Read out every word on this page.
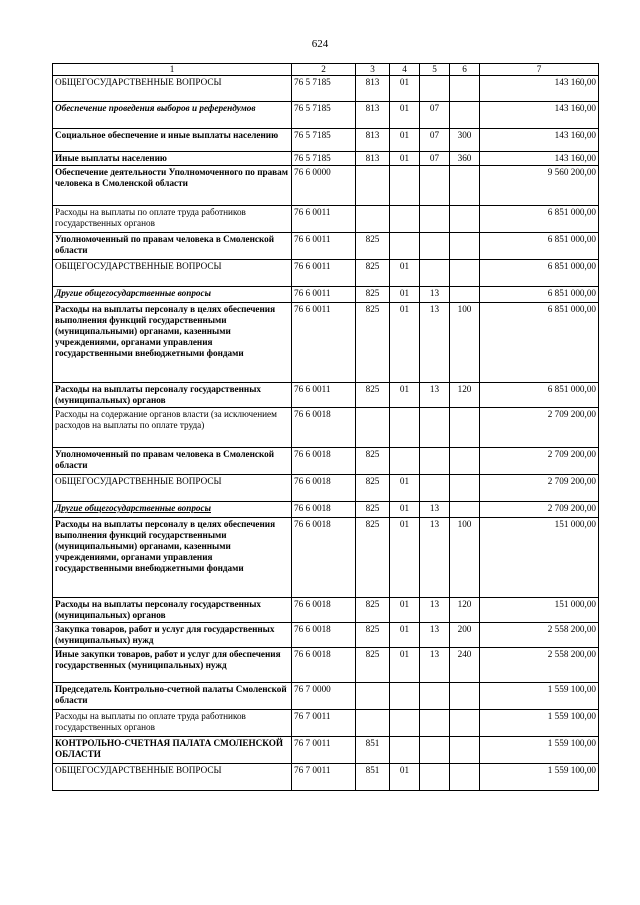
624
1	2	3	4	5	6	7
ОБЩЕГОСУДАРСТВЕННЫЕ ВОПРОСЫ	76 5 7185	813	01			143 160,00
Обеспечение проведения выборов и референдумов	76 5 7185	813	01	07		143 160,00
Социальное обеспечение и иные выплаты населению	76 5 7185	813	01	07	300	143 160,00
Иные выплаты населению	76 5 7185	813	01	07	360	143 160,00
Обеспечение деятельности Уполномоченного по правам человека в Смоленской области	76 6 0000					9 560 200,00
Расходы на выплаты по оплате труда работников государственных органов	76 6 0011					6 851 000,00
Уполномоченный по правам человека в Смоленской области	76 6 0011	825				6 851 000,00
ОБЩЕГОСУДАРСТВЕННЫЕ ВОПРОСЫ	76 6 0011	825	01			6 851 000,00
Другие общегосударственные вопросы	76 6 0011	825	01	13		6 851 000,00
Расходы на выплаты персоналу в целях обеспечения выполнения функций государственными (муниципальными) органами, казенными учреждениями, органами управления государственными внебюджетными фондами	76 6 0011	825	01	13	100	6 851 000,00
Расходы на выплаты персоналу государственных (муниципальных) органов	76 6 0011	825	01	13	120	6 851 000,00
Расходы на содержание органов власти (за исключением расходов на выплаты по оплате труда)	76 6 0018					2 709 200,00
Уполномоченный по правам человека в Смоленской области	76 6 0018	825				2 709 200,00
ОБЩЕГОСУДАРСТВЕННЫЕ ВОПРОСЫ	76 6 0018	825	01			2 709 200,00
Другие общегосударственные вопросы	76 6 0018	825	01	13		2 709 200,00
Расходы на выплаты персоналу в целях обеспечения выполнения функций государственными (муниципальными) органами, казенными учреждениями, органами управления государственными внебюджетными фондами	76 6 0018	825	01	13	100	151 000,00
Расходы на выплаты персоналу государственных (муниципальных) органов	76 6 0018	825	01	13	120	151 000,00
Закупка товаров, работ и услуг для государственных (муниципальных) нужд	76 6 0018	825	01	13	200	2 558 200,00
Иные закупки товаров, работ и услуг для обеспечения государственных (муниципальных) нужд	76 6 0018	825	01	13	240	2 558 200,00
Председатель Контрольно-счетной палаты Смоленской области	76 7 0000					1 559 100,00
Расходы на выплаты по оплате труда работников государственных органов	76 7 0011					1 559 100,00
КОНТРОЛЬНО-СЧЕТНАЯ ПАЛАТА СМОЛЕНСКОЙ ОБЛАСТИ	76 7 0011	851				1 559 100,00
ОБЩЕГОСУДАРСТВЕННЫЕ ВОПРОСЫ	76 7 0011	851	01			1 559 100,00
